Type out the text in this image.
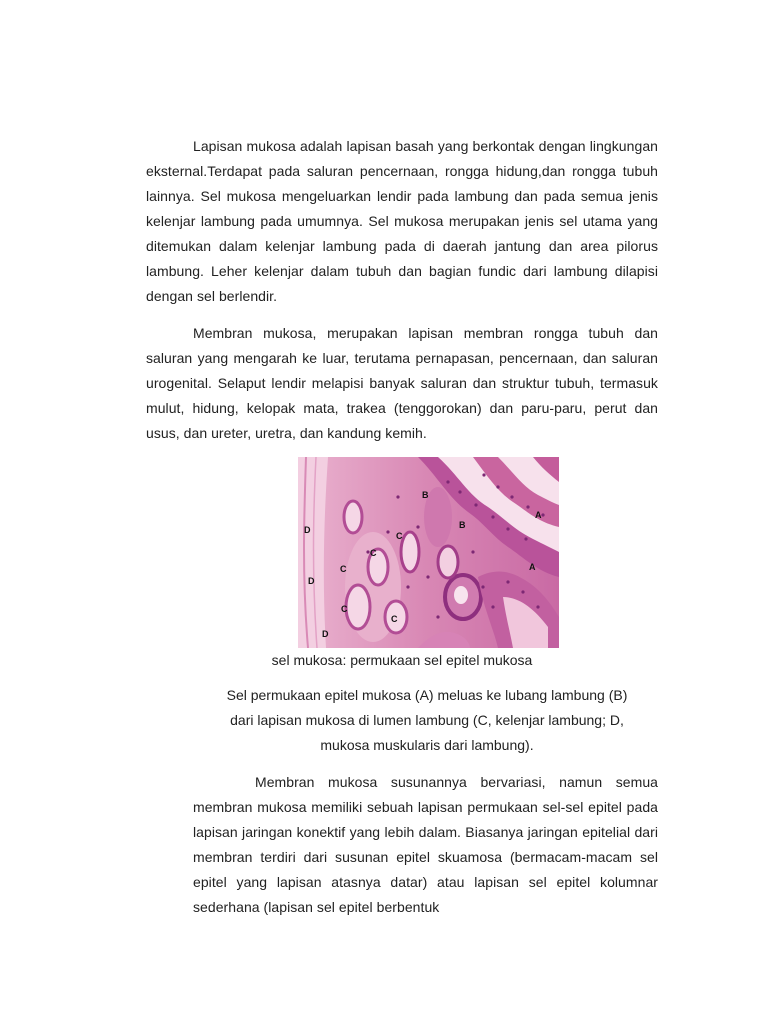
Lapisan mukosa adalah lapisan basah yang berkontak dengan lingkungan eksternal.Terdapat pada saluran pencernaan, rongga hidung,dan rongga tubuh lainnya. Sel mukosa mengeluarkan lendir pada lambung dan pada semua jenis kelenjar lambung pada umumnya. Sel mukosa merupakan jenis sel utama yang ditemukan dalam kelenjar lambung pada di daerah jantung dan area pilorus lambung. Leher kelenjar dalam tubuh dan bagian fundic dari lambung dilapisi dengan sel berlendir.

Membran mukosa, merupakan lapisan membran rongga tubuh dan saluran yang mengarah ke luar, terutama pernapasan, pencernaan, dan saluran urogenital. Selaput lendir melapisi banyak saluran dan struktur tubuh, termasuk mulut, hidung, kelopak mata, trakea (tenggorokan) dan paru-paru, perut dan usus, dan ureter, uretra, dan kandung kemih.

B
A
B
D
C
C
A
C
D
C
C
D

sel mukosa: permukaan sel epitel mukosa

Sel permukaan epitel mukosa (A) meluas ke lubang lambung (B)
dari lapisan mukosa di lumen lambung (C, kelenjar lambung; D,
mukosa muskularis dari lambung).

Membran mukosa susunannya bervariasi, namun semua membran mukosa memiliki sebuah lapisan permukaan sel-sel epitel pada lapisan jaringan konektif yang lebih dalam. Biasanya jaringan epitelial dari membran terdiri dari susunan epitel skuamosa (bermacam-macam sel epitel yang lapisan atasnya datar) atau lapisan sel epitel kolumnar sederhana (lapisan sel epitel berbentuk
